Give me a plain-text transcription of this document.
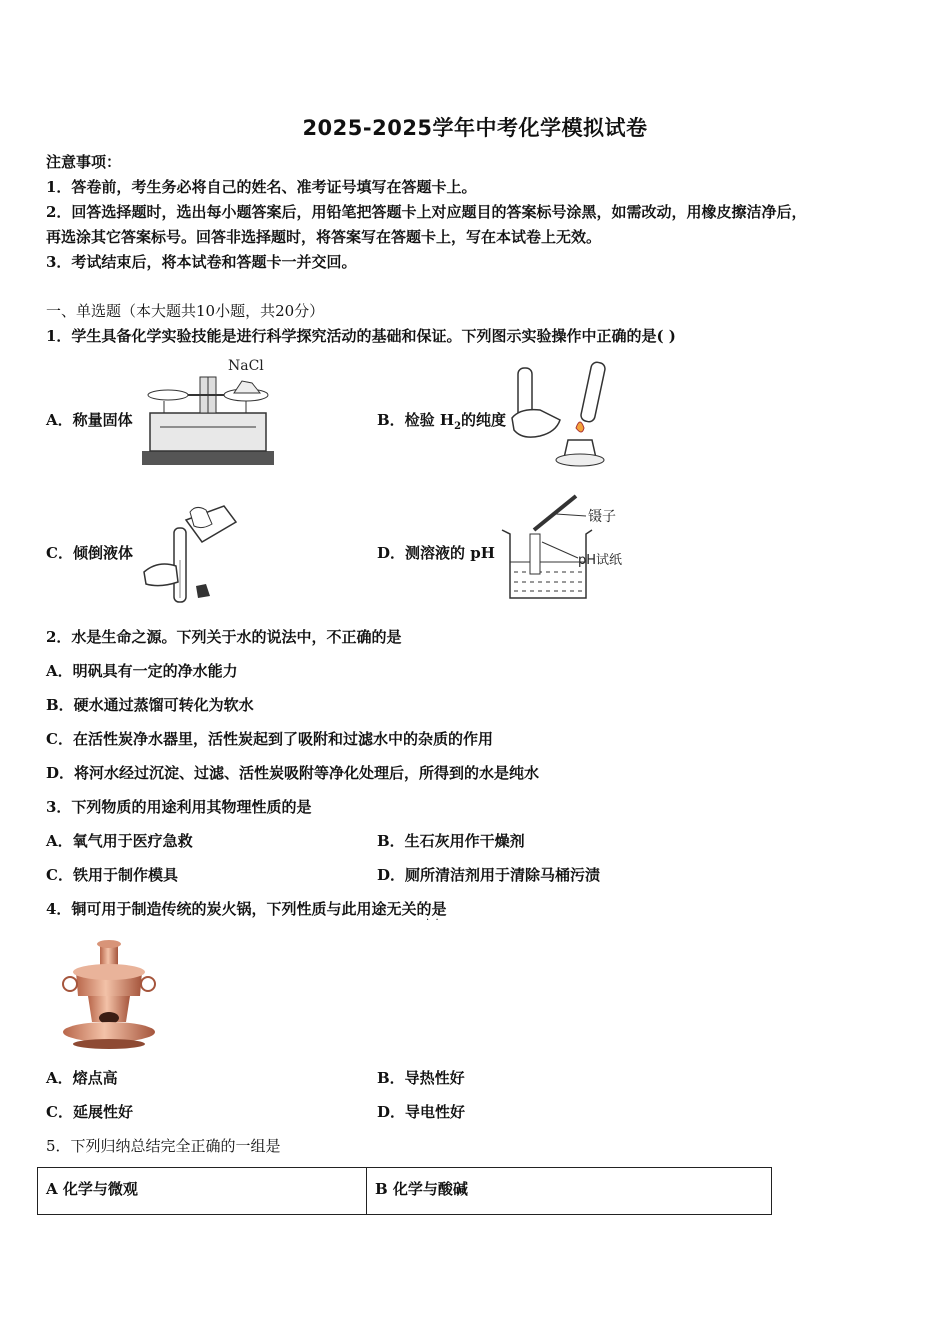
2025-2025学年中考化学模拟试卷
注意事项：
1．答卷前，考生务必将自己的姓名、准考证号填写在答题卡上。
2．回答选择题时，选出每小题答案后，用铅笔把答题卡上对应题目的答案标号涂黑，如需改动，用橡皮擦洁净后，
再选涂其它答案标号。回答非选择题时，将答案写在答题卡上，写在本试卷上无效。
3．考试结束后，将本试卷和答题卡一并交回。
一、单选题（本大题共10小题，共20分）
1．学生具备化学实验技能是进行科学探究活动的基础和保证。下列图示实验操作中正确的是( )
A．称量固体	B．检验 $H_2$的纯度
C．倾倒液体	D．测溶液的 pH
NaCl
镊子
pH试纸
2．水是生命之源。下列关于水的说法中，不正确的是
A．明矾具有一定的净水能力
B．硬水通过蒸馏可转化为软水
C．在活性炭净水器里，活性炭起到了吸附和过滤水中的杂质的作用
D．将河水经过沉淀、过滤、活性炭吸附等净化处理后，所得到的水是纯水
3．下列物质的用途利用其物理性质的是
A．氧气用于医疗急救	B．生石灰用作干燥剂
C．铁用于制作模具	D．厕所清洁剂用于清除马桶污渍
4．铜可用于制造传统的炭火锅，下列性质与此用途无关的是
·  ·
A．熔点高	B．导热性好
C．延展性好	D．导电性好
5．下列归纳总结完全正确的一组是
A 化学与微观	B 化学与酸碱
